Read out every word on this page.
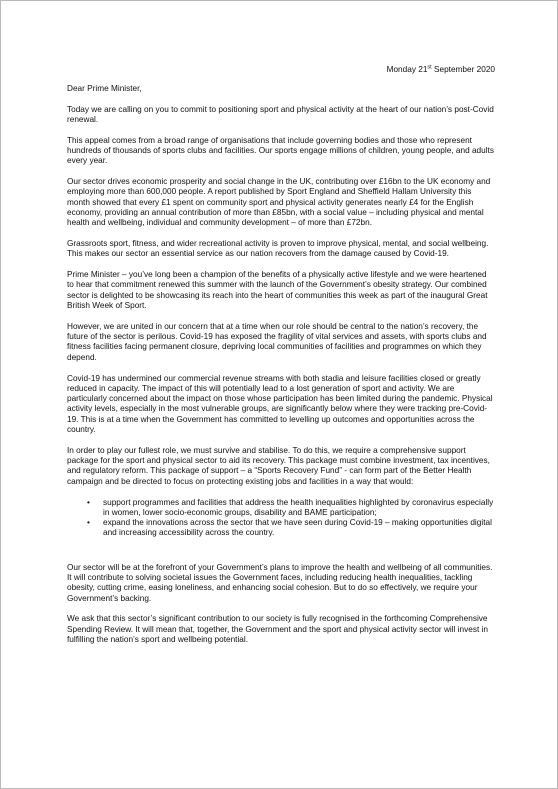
Monday 21st September 2020
Dear Prime Minister,

Today we are calling on you to commit to positioning sport and physical activity at the heart of our nation’s post-Covid renewal.

This appeal comes from a broad range of organisations that include governing bodies and those who represent hundreds of thousands of sports clubs and facilities. Our sports engage millions of children, young people, and adults every year.

Our sector drives economic prosperity and social change in the UK, contributing over £16bn to the UK economy and employing more than 600,000 people. A report published by Sport England and Sheffield Hallam University this month showed that every £1 spent on community sport and physical activity generates nearly £4 for the English economy, providing an annual contribution of more than £85bn, with a social value – including physical and mental health and wellbeing, individual and community development – of more than £72bn.

Grassroots sport, fitness, and wider recreational activity is proven to improve physical, mental, and social wellbeing. This makes our sector an essential service as our nation recovers from the damage caused by Covid-19.

Prime Minister – you’ve long been a champion of the benefits of a physically active lifestyle and we were heartened to hear that commitment renewed this summer with the launch of the Government’s obesity strategy. Our combined sector is delighted to be showcasing its reach into the heart of communities this week as part of the inaugural Great British Week of Sport.

However, we are united in our concern that at a time when our role should be central to the nation’s recovery, the future of the sector is perilous. Covid-19 has exposed the fragility of vital services and assets, with sports clubs and fitness facilities facing permanent closure, depriving local communities of facilities and programmes on which they depend.

Covid-19 has undermined our commercial revenue streams with both stadia and leisure facilities closed or greatly reduced in capacity. The impact of this will potentially lead to a lost generation of sport and activity. We are particularly concerned about the impact on those whose participation has been limited during the pandemic. Physical activity levels, especially in the most vulnerable groups, are significantly below where they were tracking pre-Covid-19. This is at a time when the Government has committed to levelling up outcomes and opportunities across the country.

In order to play our fullest role, we must survive and stabilise. To do this, we require a comprehensive support package for the sport and physical sector to aid its recovery. This package must combine investment, tax incentives, and regulatory reform. This package of support – a “Sports Recovery Fund” - can form part of the Better Health campaign and be directed to focus on protecting existing jobs and facilities in a way that would:

• support programmes and facilities that address the health inequalities highlighted by coronavirus especially in women, lower socio-economic groups, disability and BAME participation;
• expand the innovations across the sector that we have seen during Covid-19 – making opportunities digital and increasing accessibility across the country.

Our sector will be at the forefront of your Government’s plans to improve the health and wellbeing of all communities. It will contribute to solving societal issues the Government faces, including reducing health inequalities, tackling obesity, cutting crime, easing loneliness, and enhancing social cohesion. But to do so effectively, we require your Government’s backing.

We ask that this sector’s significant contribution to our society is fully recognised in the forthcoming Comprehensive Spending Review. It will mean that, together, the Government and the sport and physical activity sector will invest in fulfilling the nation’s sport and wellbeing potential.
